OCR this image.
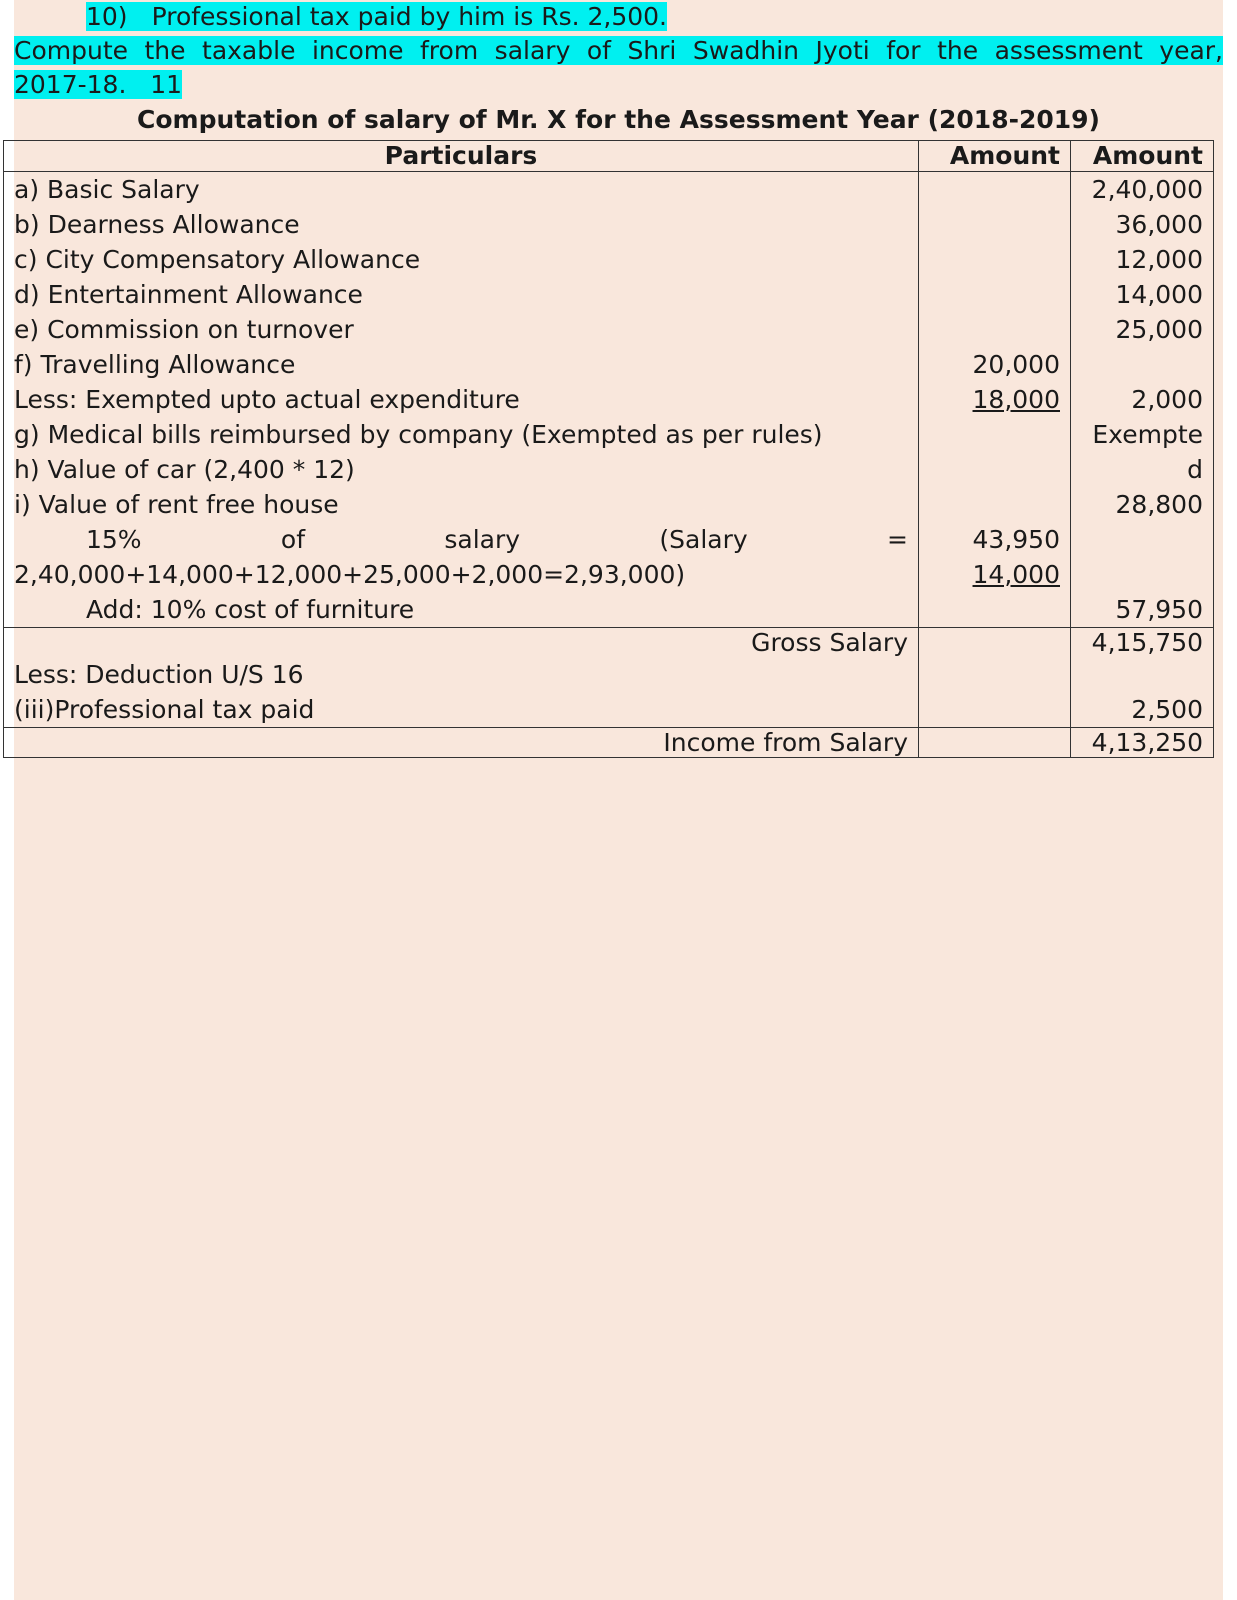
10) Professional tax paid by him is Rs. 2,500.
Compute the taxable income from salary of Shri Swadhin Jyoti for the assessment year,
2017-18. 11
Computation of salary of Mr. X for the Assessment Year (2018-2019)
Particulars	Amount	Amount
a) Basic Salary		2,40,000
b) Dearness Allowance		36,000
c) City Compensatory Allowance		12,000
d) Entertainment Allowance		14,000
e) Commission on turnover		25,000
f) Travelling Allowance	20,000	
Less: Exempted upto actual expenditure	18,000	2,000
g) Medical bills reimbursed by company (Exempted as per rules)		Exempte
h) Value of car (2,400 * 12)		d
i) Value of rent free house		28,800

15% of salary (Salary =	43,950	
2,40,000+14,000+12,000+25,000+2,000=2,93,000)	14,000	
Add: 10% cost of furniture		57,950
Gross Salary		4,15,750
Less: Deduction U/S 16		
(iii)Professional tax paid		2,500
Income from Salary		4,13,250
